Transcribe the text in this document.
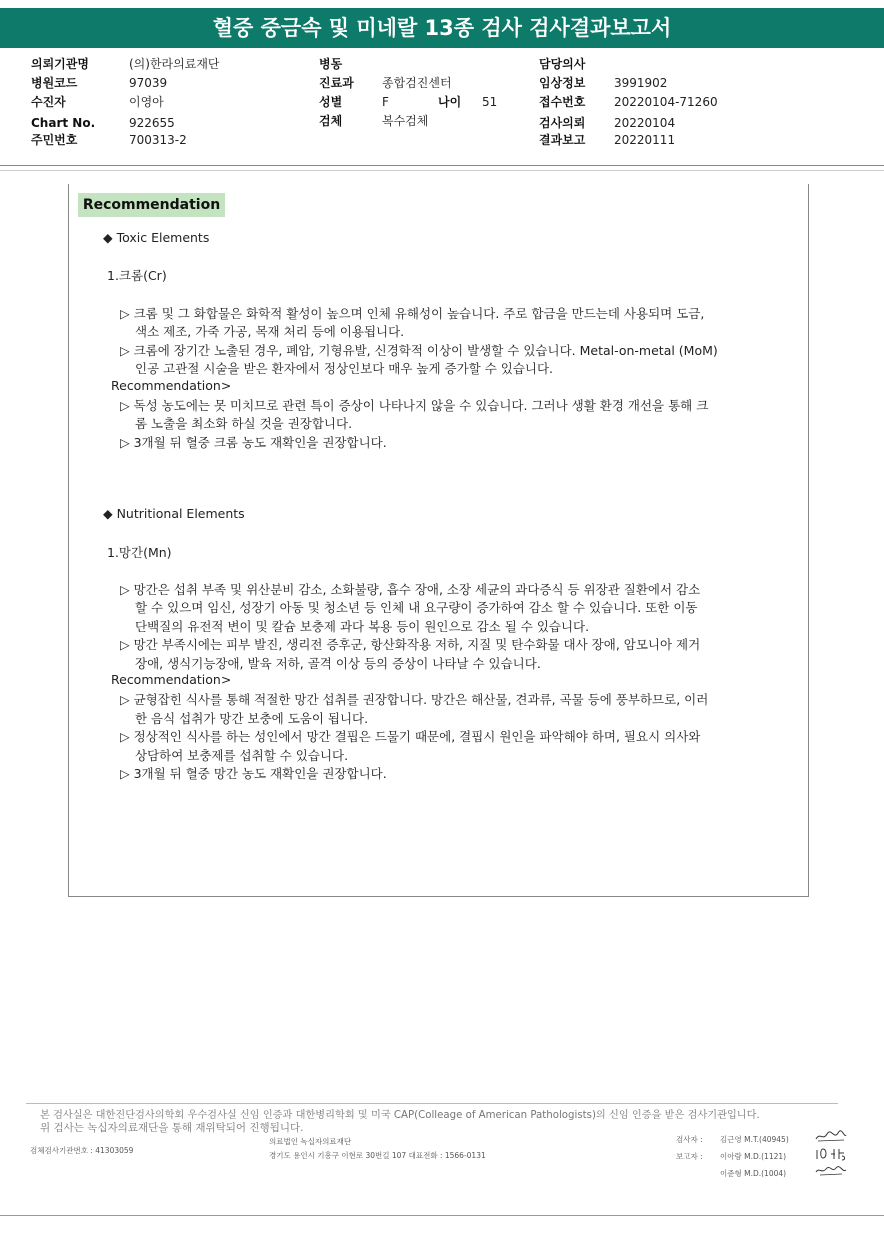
혈중 중금속 및 미네랄 13종 검사 검사결과보고서
의뢰기관명	(의)한라의료재단
병원코드	97039
수진자	이영아
Chart No.	922655
주민번호	700313-2
병동
진료과 종합검진센터
성별	F	나이 51
검체	복수검체
담당의사
임상정보 3991902
접수번호 20220104-71260
검사의뢰 20220104
결과보고 20220111
Recommendation
◆ Toxic Elements
1.크롬(Cr)
▷ 크롬 및 그 화합물은 화학적 활성이 높으며 인체 유해성이 높습니다. 주로 합금을 만드는데 사용되며 도금,
색소 제조, 가죽 가공, 목재 처리 등에 이용됩니다.
▷ 크롬에 장기간 노출된 경우, 폐암, 기형유발, 신경학적 이상이 발생할 수 있습니다. Metal-on-metal (MoM)
인공 고관절 시술을 받은 환자에서 정상인보다 매우 높게 증가할 수 있습니다.
Recommendation>
▷ 독성 농도에는 못 미치므로 관련 특이 증상이 나타나지 않을 수 있습니다. 그러나 생활 환경 개선을 통해 크
롬 노출을 최소화 하실 것을 권장합니다.
▷ 3개월 뒤 혈중 크롬 농도 재확인을 권장합니다.
◆ Nutritional Elements
1.망간(Mn)
▷ 망간은 섭취 부족 및 위산분비 감소, 소화불량, 흡수 장애, 소장 세균의 과다증식 등 위장관 질환에서 감소
할 수 있으며 임신, 성장기 아동 및 청소년 등 인체 내 요구량이 증가하여 감소 할 수 있습니다. 또한 이동
단백질의 유전적 변이 및 칼슘 보충제 과다 복용 등이 원인으로 감소 될 수 있습니다.
▷ 망간 부족시에는 피부 발진, 생리전 증후군, 항산화작용 저하, 지질 및 탄수화물 대사 장애, 암모니아 제거
장애, 생식기능장애, 발육 저하, 골격 이상 등의 증상이 나타날 수 있습니다.
Recommendation>
▷ 균형잡힌 식사를 통해 적절한 망간 섭취를 권장합니다. 망간은 해산물, 견과류, 곡물 등에 풍부하므로, 이러
한 음식 섭취가 망간 보충에 도움이 됩니다.
▷ 정상적인 식사를 하는 성인에서 망간 결핍은 드물기 때문에, 결핍시 원인을 파악해야 하며, 필요시 의사와
상담하여 보충제를 섭취할 수 있습니다.
▷ 3개월 뒤 혈중 망간 농도 재확인을 권장합니다.
본 검사실은 대한진단검사의학회 우수검사실 신임 인증과 대한병리학회 및 미국 CAP(Colleage of American Pathologists)의 신임 인증을 받은 검사기관입니다.
위 검사는 녹십자의료재단을 통해 재위탁되어 진행됩니다.
검체검사기관번호 : 41303059
의료법인 녹십자의료재단
경기도 용인시 기흥구 이현로 30번길 107 대표전화 : 1566-0131
검사자 : 김근영 M.T.(40945)
보고자 : 이아람 M.D.(1121)
이준형 M.D.(1004)
